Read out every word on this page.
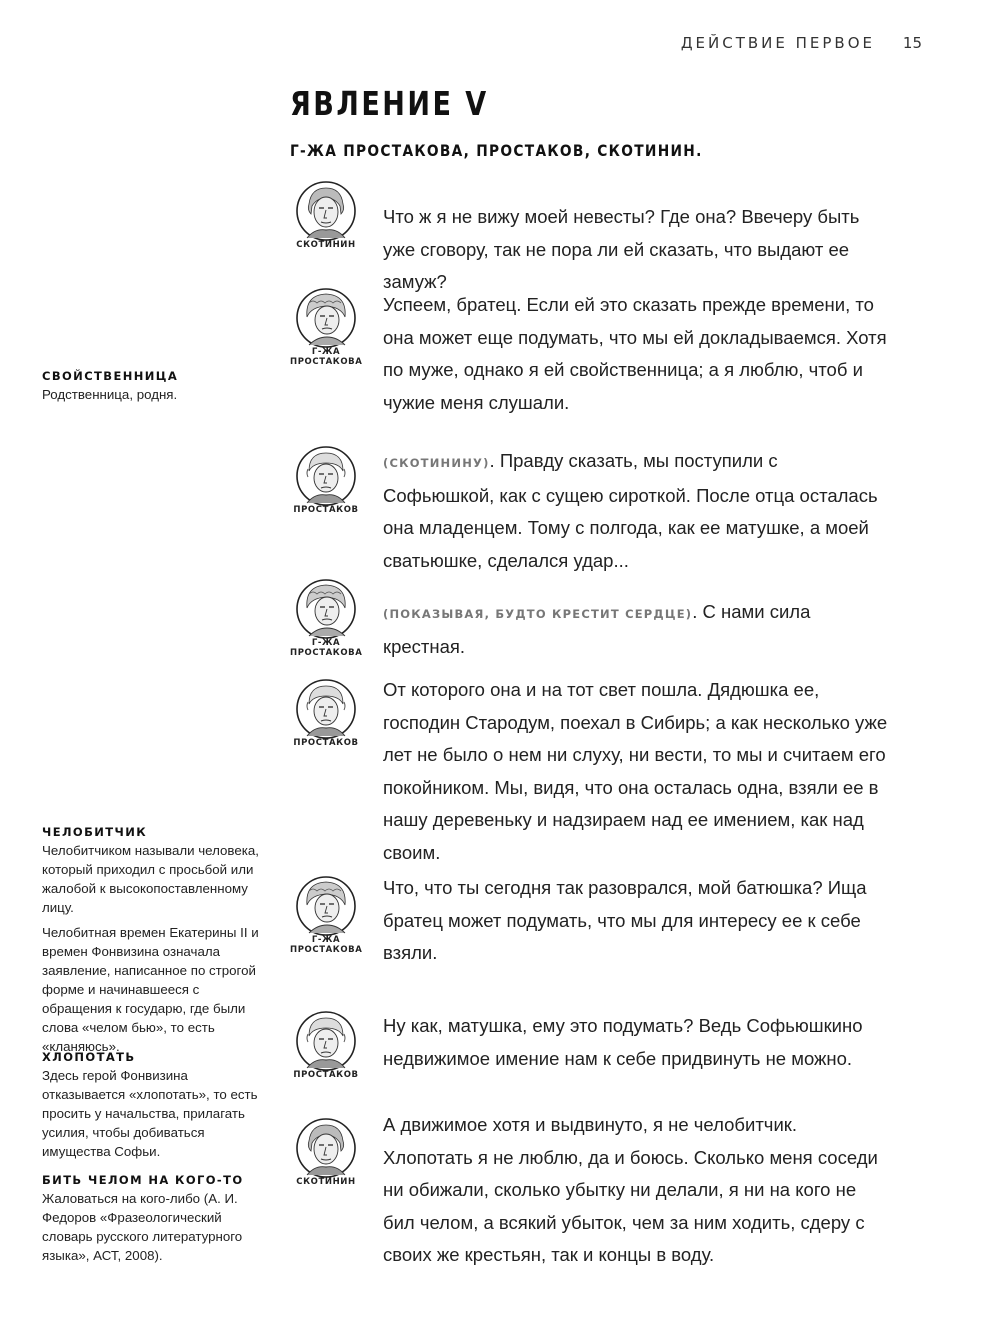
ДЕЙСТВИЕ ПЕРВОЕ 15
ЯВЛЕНИЕ V
Г-ЖА ПРОСТАКОВА, ПРОСТАКОВ, СКОТИНИН.
СКОТИНИН
Что ж я не вижу моей невесты? Где она? Ввечеру быть уже сговору, так не пора ли ей сказать, что выдают ее замуж?
Г-ЖА ПРОСТАКОВА
Успеем, братец. Если ей это сказать прежде времени, то она может еще подумать, что мы ей докладываемся. Хотя по муже, однако я ей свойственница; а я люблю, чтоб и чужие меня слушали.
ПРОСТАКОВ
(СКОТИНИНУ). Правду сказать, мы поступили с Софьюшкой, как с сущею сироткой. После отца осталась она младенцем. Тому с полгода, как ее матушке, а моей сватьюшке, сделался удар...
Г-ЖА ПРОСТАКОВА
(ПОКАЗЫВАЯ, БУДТО КРЕСТИТ СЕРДЦЕ). С нами сила крестная.
ПРОСТАКОВ
От которого она и на тот свет пошла. Дядюшка ее, господин Стародум, поехал в Сибирь; а как несколько уже лет не было о нем ни слуху, ни вести, то мы и считаем его покойником. Мы, видя, что она осталась одна, взяли ее в нашу деревеньку и надзираем над ее имением, как над своим.
Г-ЖА ПРОСТАКОВА
Что, что ты сегодня так разоврался, мой батюшка? Ища братец может подумать, что мы для интересу ее к себе взяли.
ПРОСТАКОВ
Ну как, матушка, ему это подумать? Ведь Софьюшкино недвижимое имение нам к себе придвинуть не можно.
СКОТИНИН
А движимое хотя и выдвинуто, я не челобитчик. Хлопотать я не люблю, да и боюсь. Сколько меня соседи ни обижали, сколько убытку ни делали, я ни на кого не бил челом, а всякий убыток, чем за ним ходить, сдеру с своих же крестьян, так и концы в воду.

СВОЙСТВЕННИЦА

Родственница, родня.

ЧЕЛОБИТЧИК

Челобитчиком называли человека, который приходил с просьбой или жалобой к высокопоставленному лицу.

Челобитная времен Екатерины II и времен Фонвизина означала заявление, написанное по строгой форме и начинавшееся с обращения к государю, где были слова «челом бью», то есть «кланяюсь».

ХЛОПОТАТЬ

Здесь герой Фонвизина отказывается «хлопотать», то есть просить у начальства, прилагать усилия, чтобы добиваться имущества Софьи.

БИТЬ ЧЕЛОМ НА КОГО-ТО

Жаловаться на кого-либо (А. И. Федоров «Фразеологический словарь русского литературного языка», АСТ, 2008).
